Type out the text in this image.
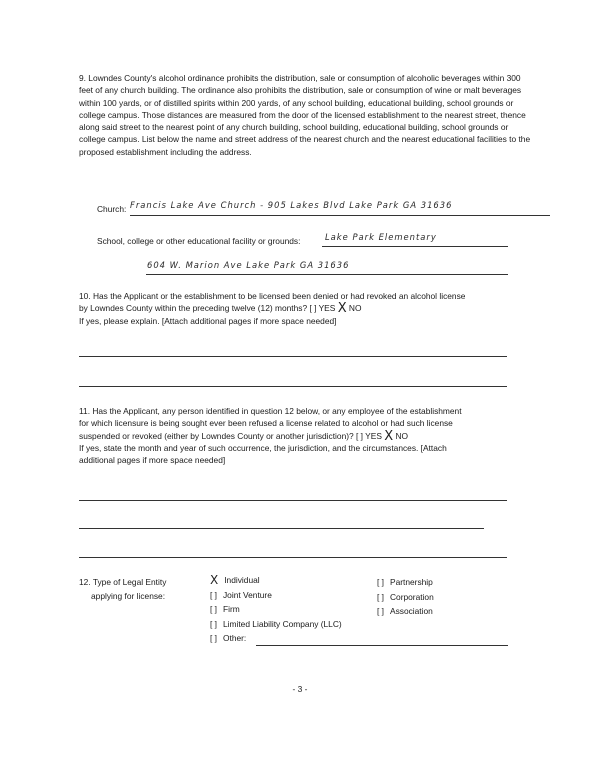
9. Lowndes County's alcohol ordinance prohibits the distribution, sale or consumption of alcoholic beverages within 300 feet of any church building. The ordinance also prohibits the distribution, sale or consumption of wine or malt beverages within 100 yards, or of distilled spirits within 200 yards, of any school building, educational building, school grounds or college campus. Those distances are measured from the door of the licensed establishment to the nearest street, thence along said street to the nearest point of any church building, school building, educational building, school grounds or college campus. List below the name and street address of the nearest church and the nearest educational facilities to the proposed establishment including the address.

Church: Francis Lake Ave Church - 905 Lakes Blvd Lake Park GA 31636
School, college or other educational facility or grounds:	Lake Park Elementary
604 W. Marion Ave Lake Park GA 31636
10. Has the Applicant or the establishment to be licensed been denied or had revoked an alcohol license
by Lowndes County within the preceding twelve (12) months? [ ] YES X NO
If yes, please explain. [Attach additional pages if more space needed]
11. Has the Applicant, any person identified in question 12 below, or any employee of the establishment
for which licensure is being sought ever been refused a license related to alcohol or had such license
suspended or revoked (either by Lowndes County or another jurisdiction)? [ ] YES X NO
If yes, state the month and year of such occurrence, the jurisdiction, and the circumstances. [Attach
additional pages if more space needed]
12. Type of Legal Entity
applying for license:
X Individual
[ ] Joint Venture
[ ] Firm
[ ] Limited Liability Company (LLC)
[ ] Other:
[ ] Partnership
[ ] Corporation
[ ] Association
- 3 -
